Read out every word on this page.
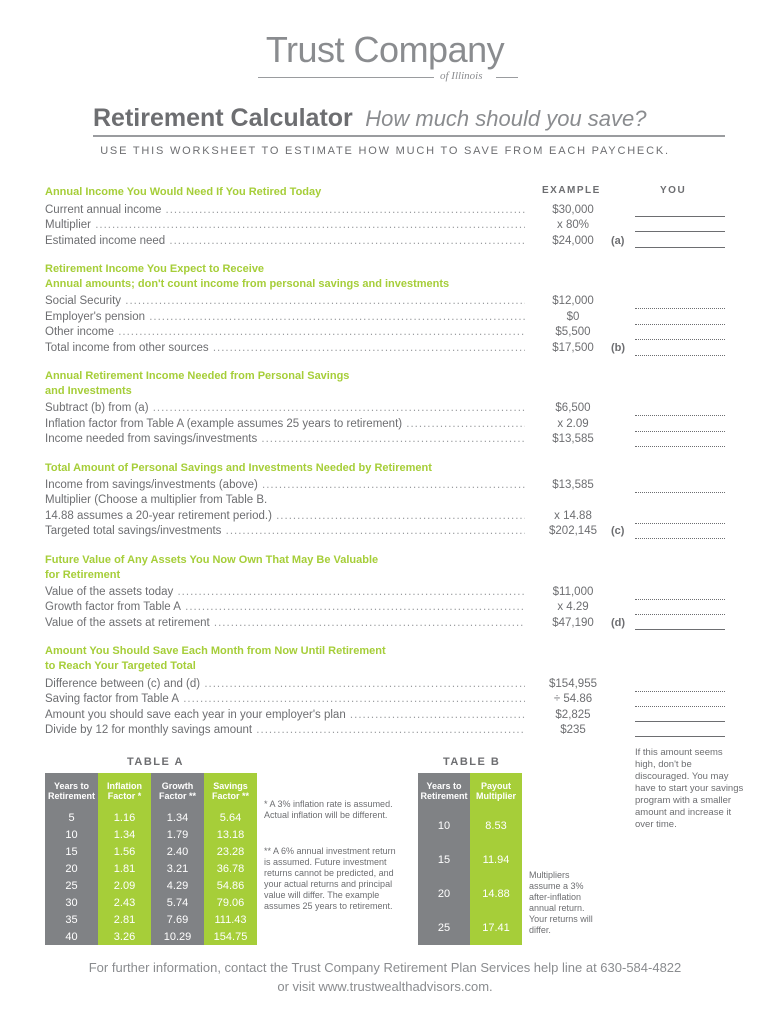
Trust Company
of Illinois
Retirement Calculator How much should you save?
USE THIS WORKSHEET TO ESTIMATE HOW MUCH TO SAVE FROM EACH PAYCHECK.
EXAMPLE	YOU
Annual Income You Would Need If You Retired Today
Current annual income .....	$30,000
Multiplier .....	x 80%
Estimated income need .....	$24,000	(a)
Retirement Income You Expect to Receive
Annual amounts; don't count income from personal savings and investments
Social Security .....	$12,000
Employer's pension .....	$0
Other income .....	$5,500
Total income from other sources .....	$17,500	(b)
Annual Retirement Income Needed from Personal Savings
and Investments
Subtract (b) from (a) .....	$6,500
Inflation factor from Table A (example assumes 25 years to retirement) .....	x 2.09
Income needed from savings/investments .....	$13,585
Total Amount of Personal Savings and Investments Needed by Retirement
Income from savings/investments (above) .....	$13,585
Multiplier (Choose a multiplier from Table B.
14.88 assumes a 20-year retirement period.) .....	x 14.88
Targeted total savings/investments .....	$202,145	(c)
Future Value of Any Assets You Now Own That May Be Valuable
for Retirement
Value of the assets today .....	$11,000
Growth factor from Table A .....	x 4.29
Value of the assets at retirement .....	$47,190	(d)
Amount You Should Save Each Month from Now Until Retirement
to Reach Your Targeted Total
Difference between (c) and (d) .....	$154,955
Saving factor from Table A .....	÷ 54.86
Amount you should save each year in your employer's plan .....	$2,825
Divide by 12 for monthly savings amount .....	$235
If this amount seems high, don't be discouraged. You may have to start your savings program with a smaller amount and increase it over time.
TABLE A
Years to Retirement	Inflation Factor *	Growth Factor **	Savings Factor **
5	1.16	1.34	5.64
10	1.34	1.79	13.18
15	1.56	2.40	23.28
20	1.81	3.21	36.78
25	2.09	4.29	54.86
30	2.43	5.74	79.06
35	2.81	7.69	111.43
40	3.26	10.29	154.75
* A 3% inflation rate is assumed. Actual inflation will be different.
** A 6% annual investment return is assumed. Future investment returns cannot be predicted, and your actual returns and principal value will differ. The example assumes 25 years to retirement.
TABLE B
Years to Retirement	Payout Multiplier
10	8.53
15	11.94
20	14.88
25	17.41
Multipliers assume a 3% after-inflation annual return. Your returns will differ.
For further information, contact the Trust Company Retirement Plan Services help line at 630-584-4822
or visit www.trustwealthadvisors.com.
